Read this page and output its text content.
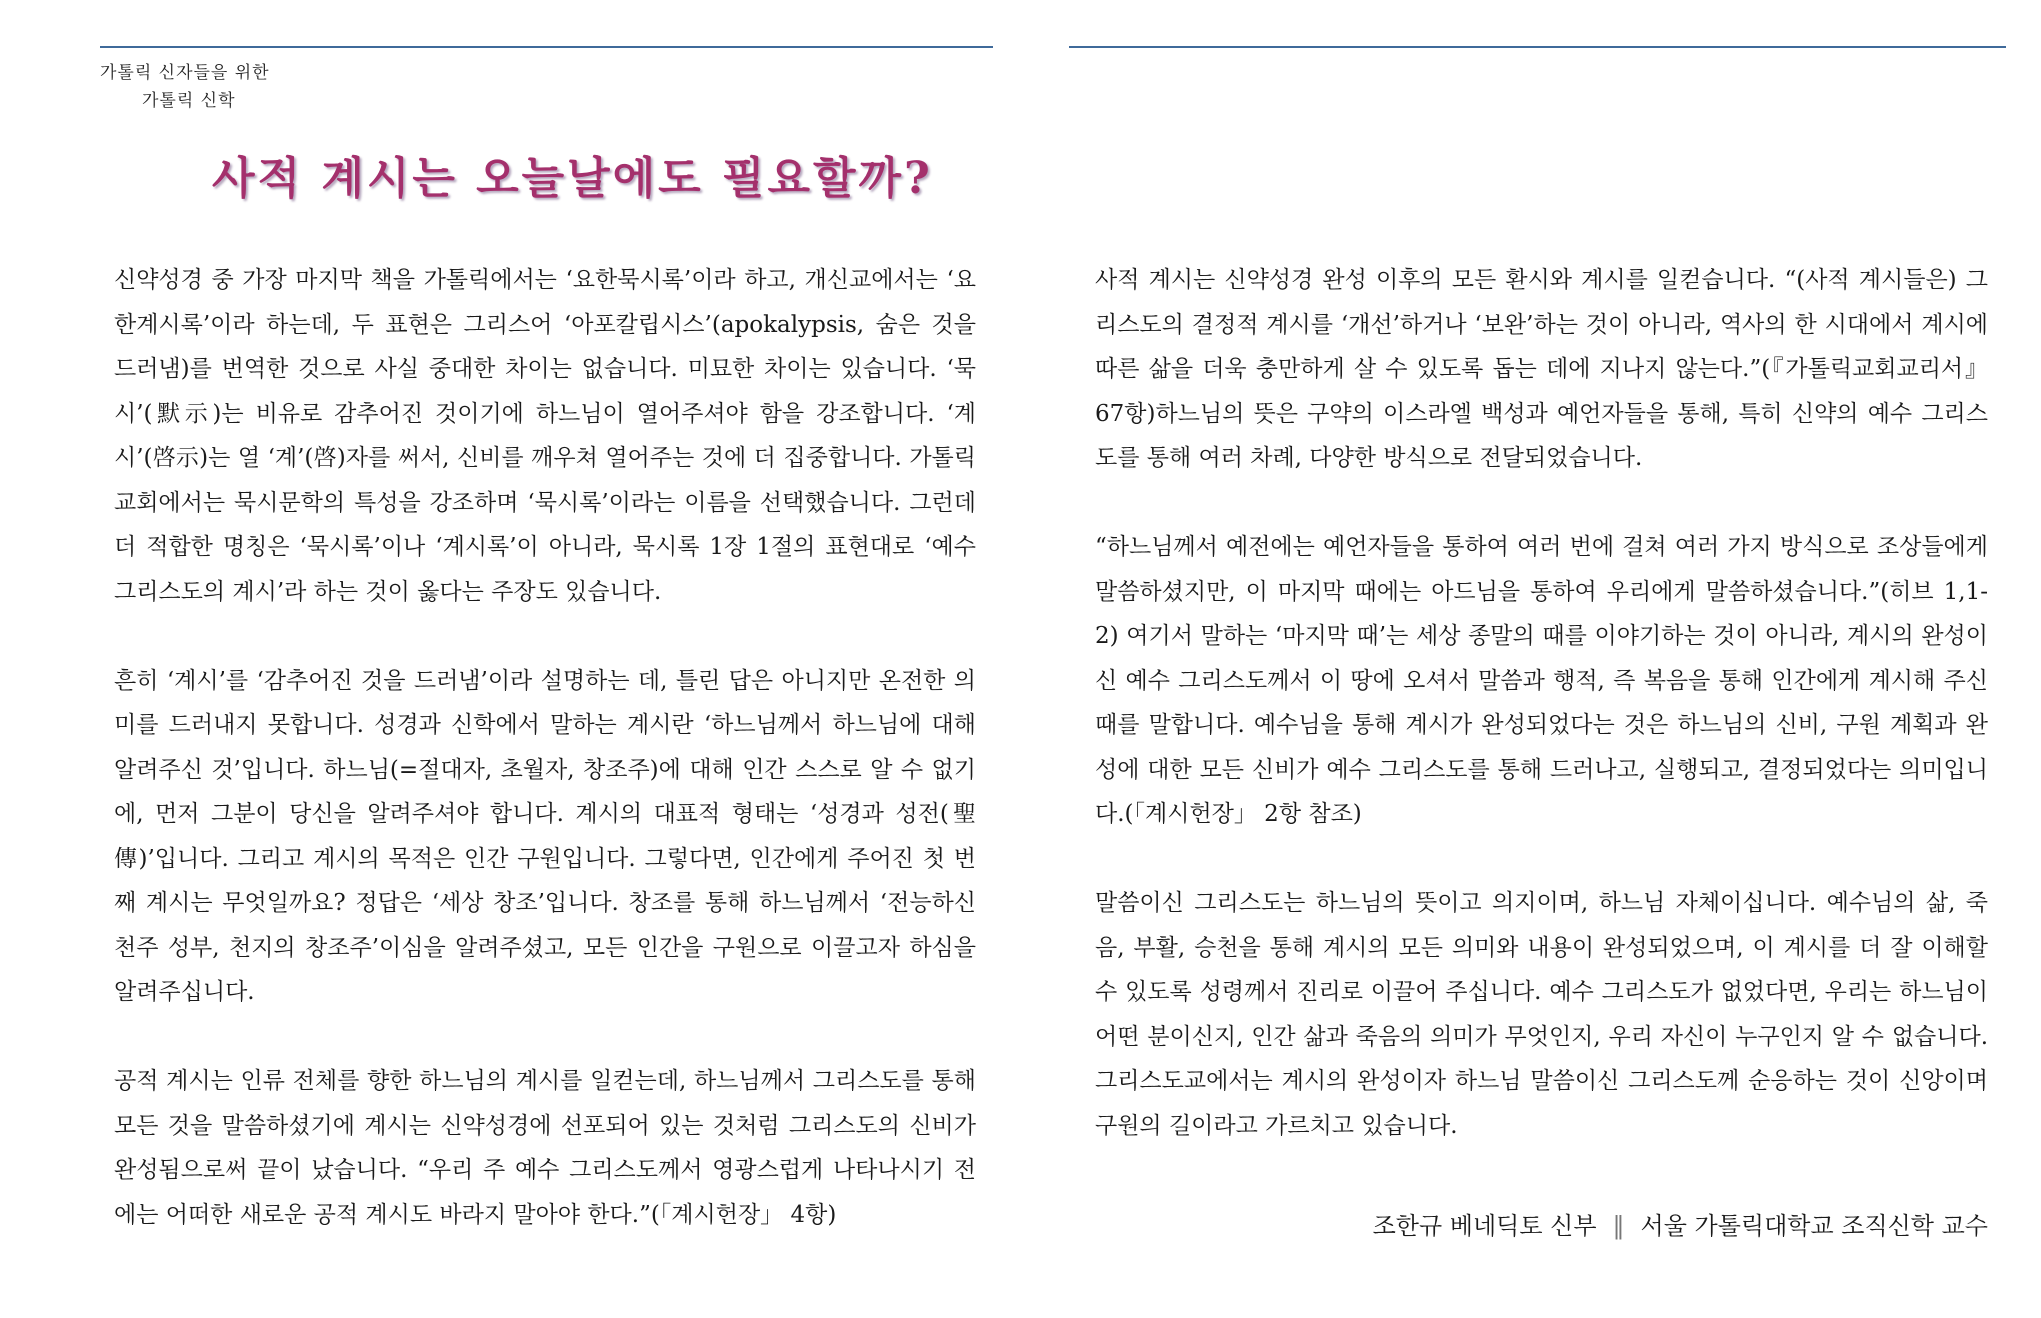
가톨릭 신자들을 위한
가톨릭 신학
사적 계시는 오늘날에도 필요할까?

신약성경 중 가장 마지막 책을 가톨릭에서는 ‘요한묵시록’이라 하고, 개신교에서는 ‘요한계시록’이라 하는데, 두 표현은 그리스어 ‘아포칼립시스’(apokalypsis, 숨은 것을 드러냄)를 번역한 것으로 사실 중대한 차이는 없습니다. 미묘한 차이는 있습니다. ‘묵시’(默示)는 비유로 감추어진 것이기에 하느님이 열어주셔야 함을 강조합니다. ‘계시’(啓示)는 열 ‘계’(啓)자를 써서, 신비를 깨우쳐 열어주는 것에 더 집중합니다. 가톨릭교회에서는 묵시문학의 특성을 강조하며 ‘묵시록’이라는 이름을 선택했습니다. 그런데 더 적합한 명칭은 ‘묵시록’이나 ‘계시록’이 아니라, 묵시록 1장 1절의 표현대로 ‘예수 그리스도의 계시’라 하는 것이 옳다는 주장도 있습니다.

흔히 ‘계시’를 ‘감추어진 것을 드러냄’이라 설명하는 데, 틀린 답은 아니지만 온전한 의미를 드러내지 못합니다. 성경과 신학에서 말하는 계시란 ‘하느님께서 하느님에 대해 알려주신 것’입니다. 하느님(=절대자, 초월자, 창조주)에 대해 인간 스스로 알 수 없기에, 먼저 그분이 당신을 알려주셔야 합니다. 계시의 대표적 형태는 ‘성경과 성전(聖傳)’입니다. 그리고 계시의 목적은 인간 구원입니다. 그렇다면, 인간에게 주어진 첫 번째 계시는 무엇일까요? 정답은 ‘세상 창조’입니다. 창조를 통해 하느님께서 ‘전능하신 천주 성부, 천지의 창조주’이심을 알려주셨고, 모든 인간을 구원으로 이끌고자 하심을 알려주십니다.

공적 계시는 인류 전체를 향한 하느님의 계시를 일컫는데, 하느님께서 그리스도를 통해 모든 것을 말씀하셨기에 계시는 신약성경에 선포되어 있는 것처럼 그리스도의 신비가 완성됨으로써 끝이 났습니다. “우리 주 예수 그리스도께서 영광스럽게 나타나시기 전에는 어떠한 새로운 공적 계시도 바라지 말아야 한다.”(「계시헌장」 4항)

사적 계시는 신약성경 완성 이후의 모든 환시와 계시를 일컫습니다. “(사적 계시들은) 그리스도의 결정적 계시를 ‘개선’하거나 ‘보완’하는 것이 아니라, 역사의 한 시대에서 계시에 따른 삶을 더욱 충만하게 살 수 있도록 돕는 데에 지나지 않는다.”(『가톨릭교회교리서』 67항)하느님의 뜻은 구약의 이스라엘 백성과 예언자들을 통해, 특히 신약의 예수 그리스도를 통해 여러 차례, 다양한 방식으로 전달되었습니다.

“하느님께서 예전에는 예언자들을 통하여 여러 번에 걸쳐 여러 가지 방식으로 조상들에게 말씀하셨지만, 이 마지막 때에는 아드님을 통하여 우리에게 말씀하셨습니다.”(히브 1,1-2) 여기서 말하는 ‘마지막 때’는 세상 종말의 때를 이야기하는 것이 아니라, 계시의 완성이신 예수 그리스도께서 이 땅에 오셔서 말씀과 행적, 즉 복음을 통해 인간에게 계시해 주신 때를 말합니다. 예수님을 통해 계시가 완성되었다는 것은 하느님의 신비, 구원 계획과 완성에 대한 모든 신비가 예수 그리스도를 통해 드러나고, 실행되고, 결정되었다는 의미입니다.(「계시헌장」 2항 참조)

말씀이신 그리스도는 하느님의 뜻이고 의지이며, 하느님 자체이십니다. 예수님의 삶, 죽음, 부활, 승천을 통해 계시의 모든 의미와 내용이 완성되었으며, 이 계시를 더 잘 이해할 수 있도록 성령께서 진리로 이끌어 주십니다. 예수 그리스도가 없었다면, 우리는 하느님이 어떤 분이신지, 인간 삶과 죽음의 의미가 무엇인지, 우리 자신이 누구인지 알 수 없습니다. 그리스도교에서는 계시의 완성이자 하느님 말씀이신 그리스도께 순응하는 것이 신앙이며 구원의 길이라고 가르치고 있습니다.

조한규 베네딕토 신부 ‖ 서울 가톨릭대학교 조직신학 교수
